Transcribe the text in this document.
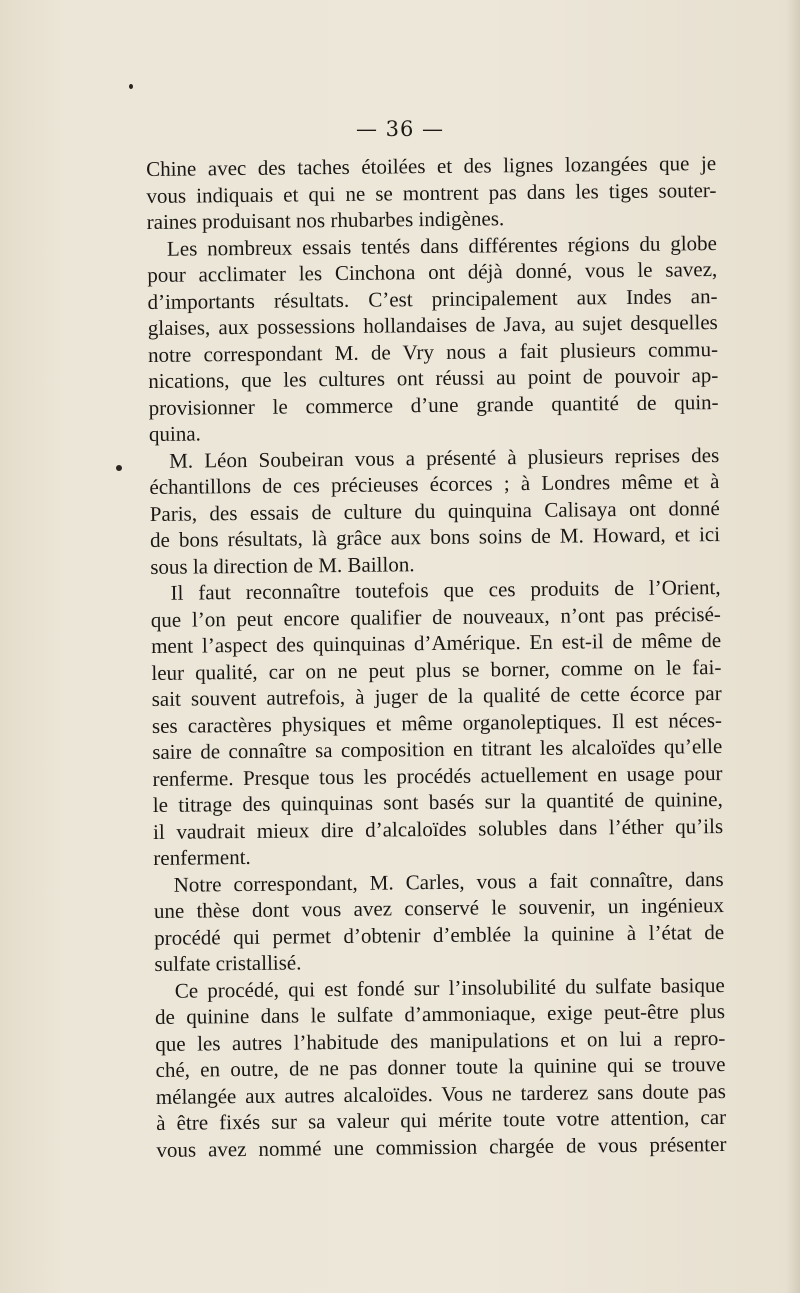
— 36 —
Chine avec des taches étoilées et des lignes lozangées que je
vous indiquais et qui ne se montrent pas dans les tiges souter-
raines produisant nos rhubarbes indigènes.
Les nombreux essais tentés dans différentes régions du globe
pour acclimater les Cinchona ont déjà donné, vous le savez,
d’importants résultats. C’est principalement aux Indes an-
glaises, aux possessions hollandaises de Java, au sujet desquelles
notre correspondant M. de Vry nous a fait plusieurs commu-
nications, que les cultures ont réussi au point de pouvoir ap-
provisionner le commerce d’une grande quantité de quin-
quina.
M. Léon Soubeiran vous a présenté à plusieurs reprises des
échantillons de ces précieuses écorces ; à Londres même et à
Paris, des essais de culture du quinquina Calisaya ont donné
de bons résultats, là grâce aux bons soins de M. Howard, et ici
sous la direction de M. Baillon.
Il faut reconnaître toutefois que ces produits de l’Orient,
que l’on peut encore qualifier de nouveaux, n’ont pas précisé-
ment l’aspect des quinquinas d’Amérique. En est-il de même de
leur qualité, car on ne peut plus se borner, comme on le fai-
sait souvent autrefois, à juger de la qualité de cette écorce par
ses caractères physiques et même organoleptiques. Il est néces-
saire de connaître sa composition en titrant les alcaloïdes qu’elle
renferme. Presque tous les procédés actuellement en usage pour
le titrage des quinquinas sont basés sur la quantité de quinine,
il vaudrait mieux dire d’alcaloïdes solubles dans l’éther qu’ils
renferment.
Notre correspondant, M. Carles, vous a fait connaître, dans
une thèse dont vous avez conservé le souvenir, un ingénieux
procédé qui permet d’obtenir d’emblée la quinine à l’état de
sulfate cristallisé.
Ce procédé, qui est fondé sur l’insolubilité du sulfate basique
de quinine dans le sulfate d’ammoniaque, exige peut-être plus
que les autres l’habitude des manipulations et on lui a repro-
ché, en outre, de ne pas donner toute la quinine qui se trouve
mélangée aux autres alcaloïdes. Vous ne tarderez sans doute pas
à être fixés sur sa valeur qui mérite toute votre attention, car
vous avez nommé une commission chargée de vous présenter
